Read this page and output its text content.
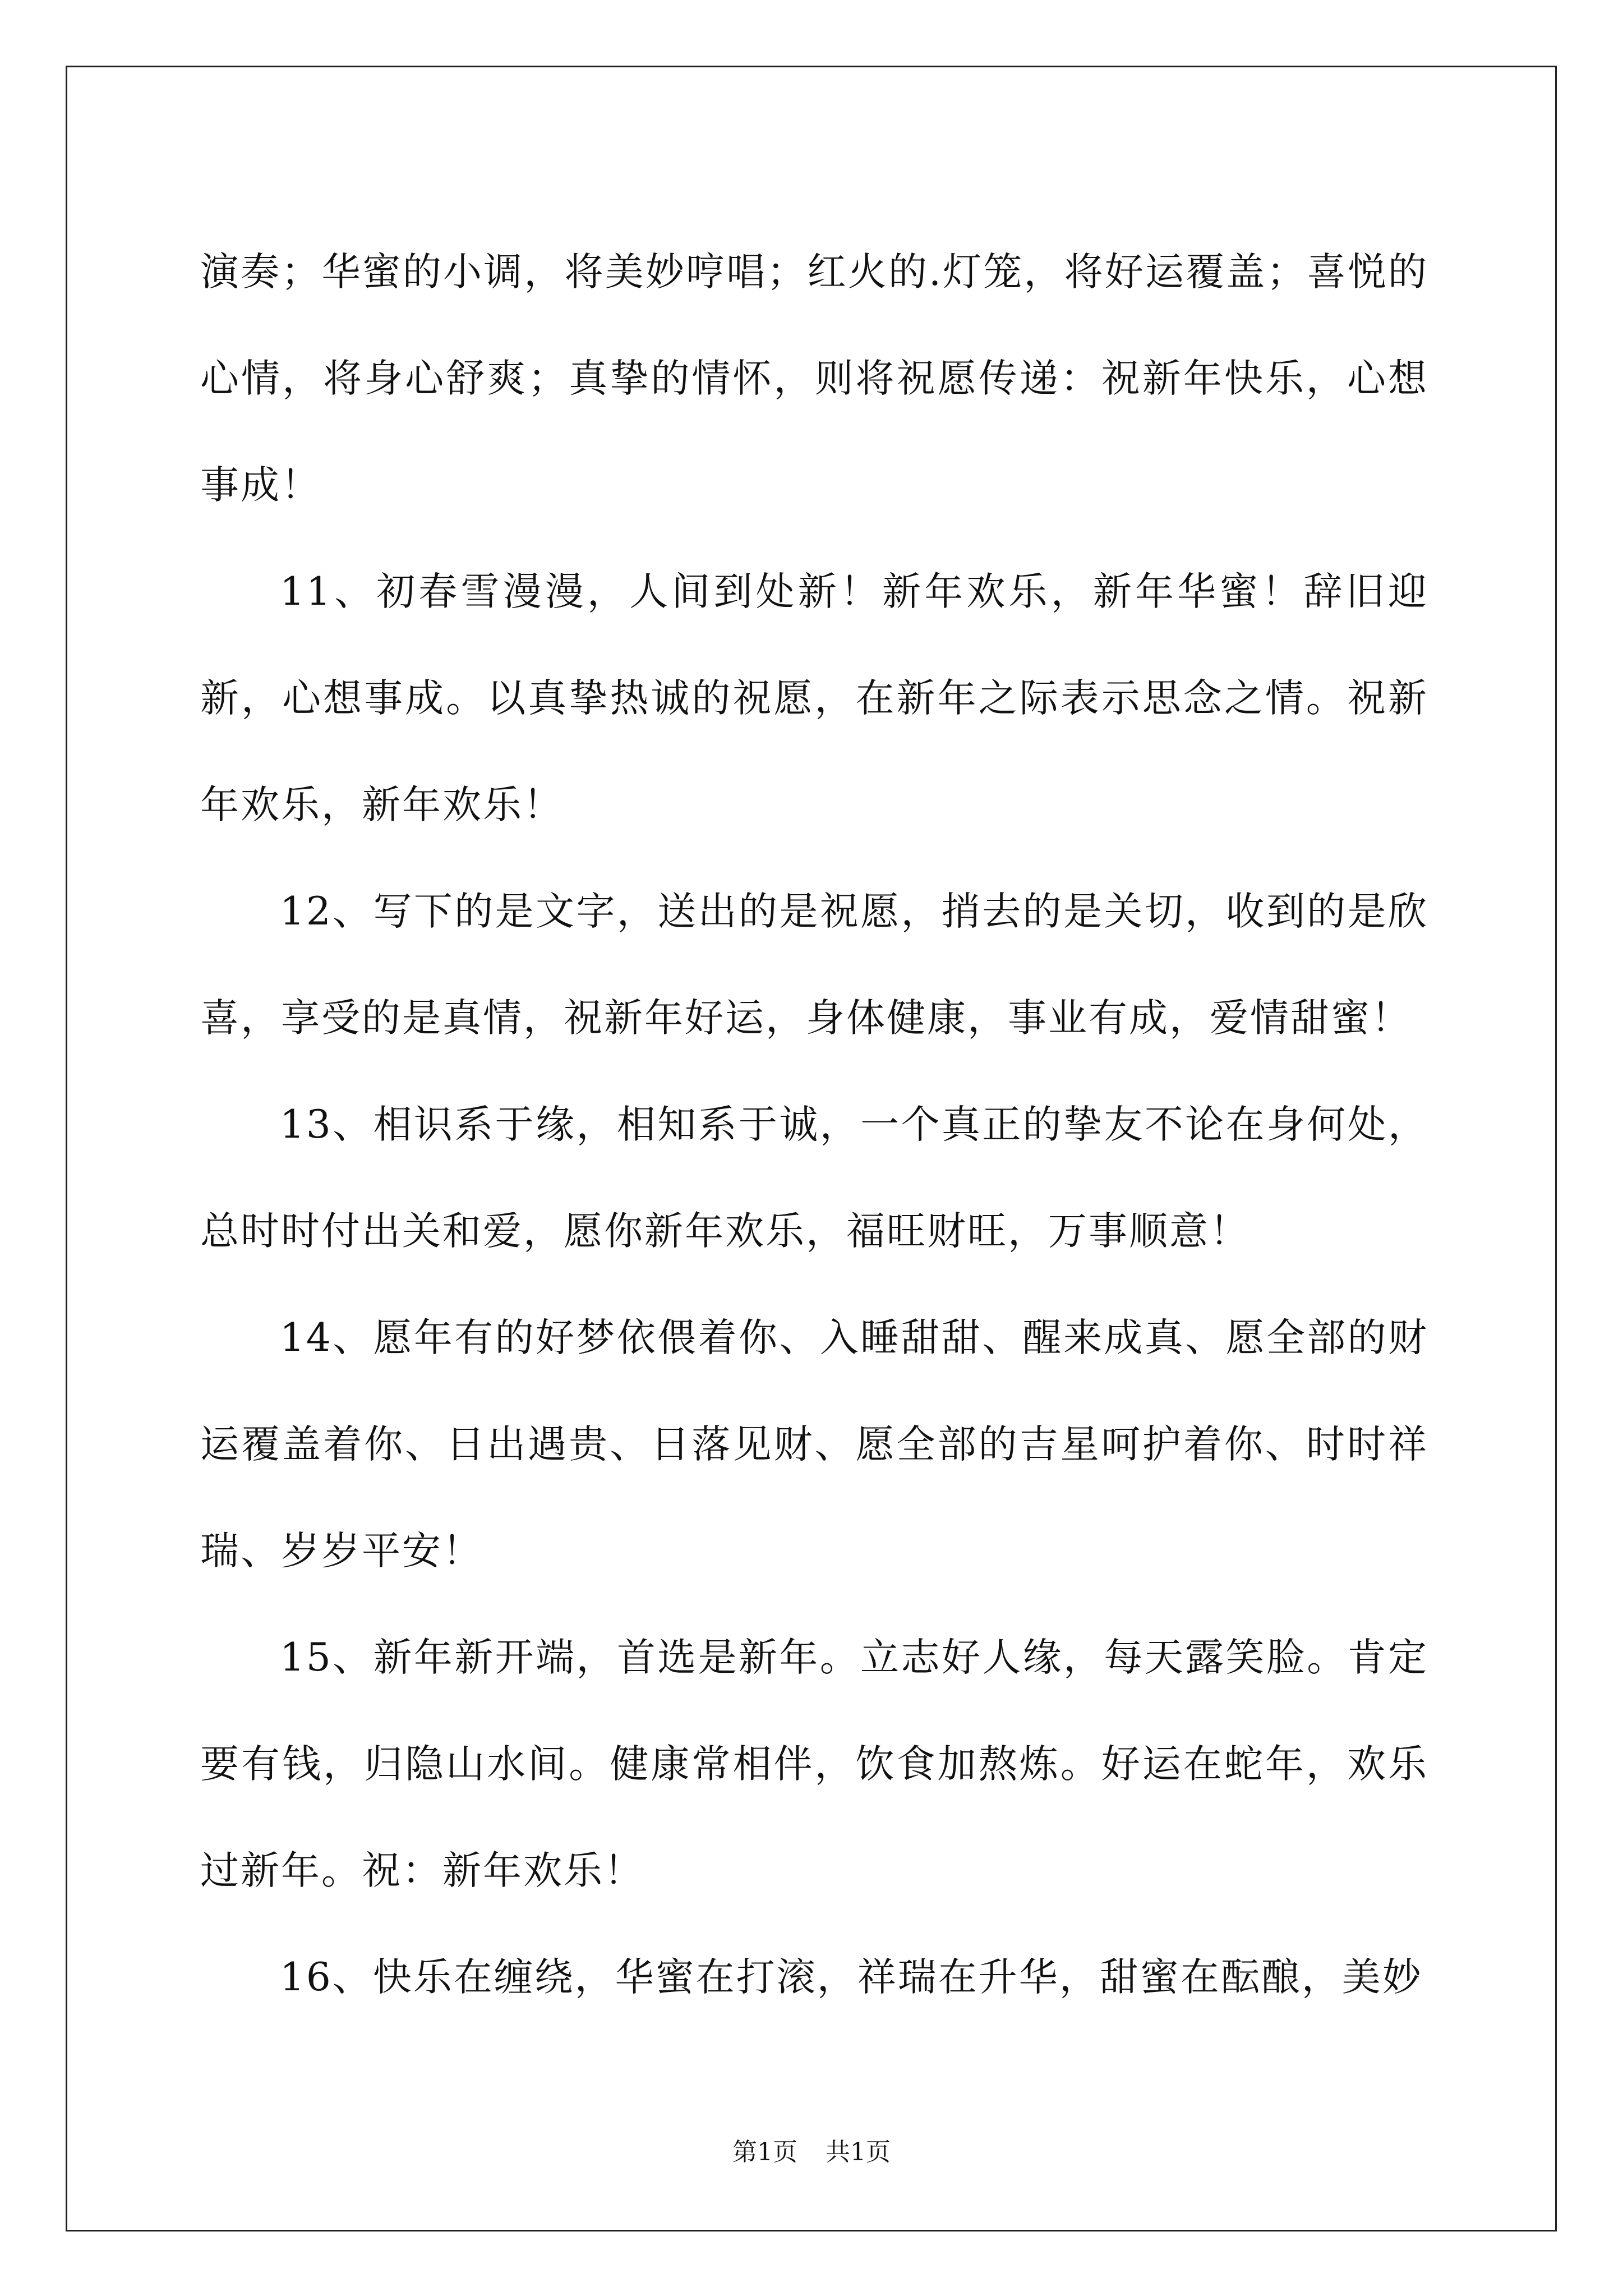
演奏；华蜜的小调，将美妙哼唱；红火的.灯笼，将好运覆盖；喜悦的心情，将身心舒爽；真挚的情怀，则将祝愿传递：祝新年快乐，心想事成！

11、初春雪漫漫，人间到处新！新年欢乐，新年华蜜！辞旧迎新，心想事成。以真挚热诚的祝愿，在新年之际表示思念之情。祝新年欢乐，新年欢乐！

12、写下的是文字，送出的是祝愿，捎去的是关切，收到的是欣喜，享受的是真情，祝新年好运，身体健康，事业有成，爱情甜蜜！

13、相识系于缘，相知系于诚，一个真正的挚友不论在身何处，总时时付出关和爱，愿你新年欢乐，福旺财旺，万事顺意！

14、愿年有的好梦依偎着你、入睡甜甜、醒来成真、愿全部的财运覆盖着你、日出遇贵、日落见财、愿全部的吉星呵护着你、时时祥瑞、岁岁平安！

15、新年新开端，首选是新年。立志好人缘，每天露笑脸。肯定要有钱，归隐山水间。健康常相伴，饮食加熬炼。好运在蛇年，欢乐过新年。祝：新年欢乐！

16、快乐在缠绕，华蜜在打滚，祥瑞在升华，甜蜜在酝酿，美妙

第1页 共1页
